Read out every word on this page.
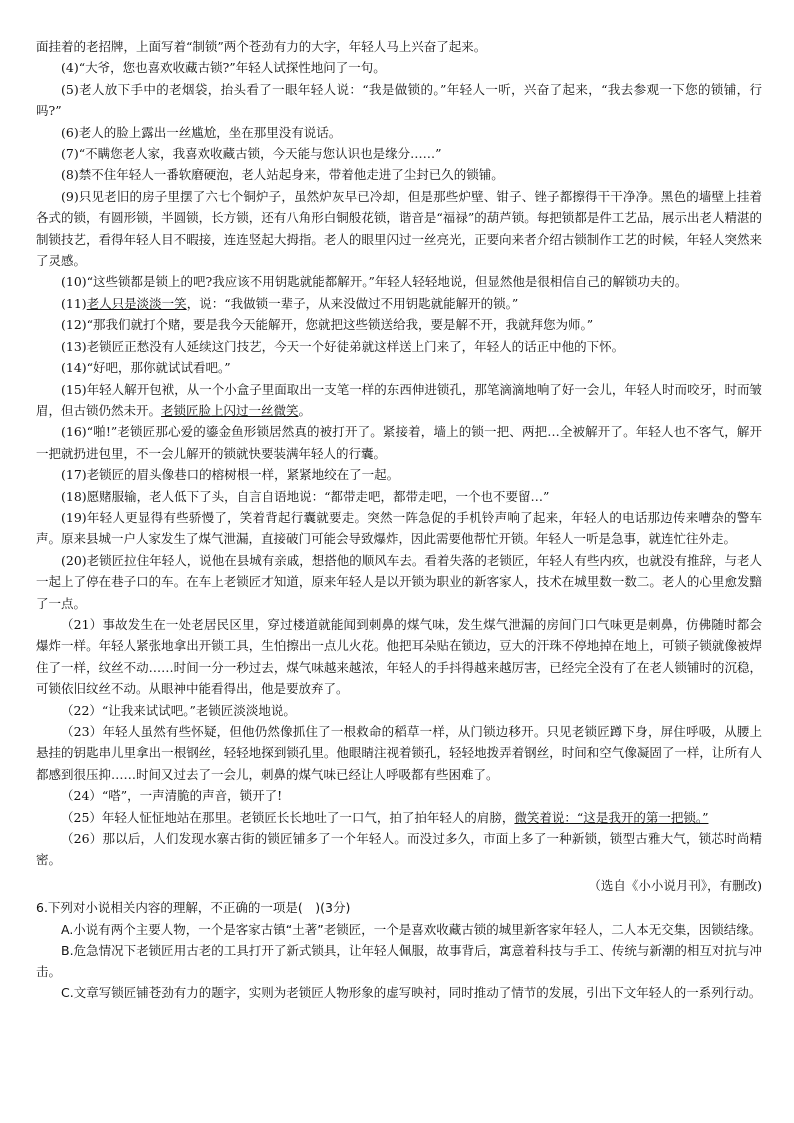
面挂着的老招牌，上面写着“制锁”两个苍劲有力的大字，年轻人马上兴奋了起来。

(4)“大爷，您也喜欢收藏古锁?”年轻人试探性地问了一句。

(5)老人放下手中的老烟袋，抬头看了一眼年轻人说：“我是做锁的。”年轻人一听，兴奋了起来，“我去参观一下您的锁铺，行吗?”

(6)老人的脸上露出一丝尴尬，坐在那里没有说话。

(7)“不瞒您老人家，我喜欢收藏古锁，今天能与您认识也是缘分……”

(8)禁不住年轻人一番软磨硬泡，老人站起身来，带着他走进了尘封已久的锁铺。

(9)只见老旧的房子里摆了六七个铜炉子，虽然炉灰早已冷却，但是那些炉壁、钳子、锉子都擦得干干净净。黑色的墙壁上挂着各式的锁，有圆形锁，半圆锁，长方锁，还有八角形白铜般花锁，谐音是“福禄”的葫芦锁。每把锁都是件工艺品，展示出老人精湛的制锁技艺，看得年轻人目不暇接，连连竖起大拇指。老人的眼里闪过一丝亮光，正要向来者介绍古锁制作工艺的时候，年轻人突然来了灵感。

(10)“这些锁都是锁上的吧?我应该不用钥匙就能都解开。”年轻人轻轻地说，但显然他是很相信自己的解锁功夫的。

(11)老人只是淡淡一笑，说：“我做锁一辈子，从来没做过不用钥匙就能解开的锁。”

(12)“那我们就打个赌，要是我今天能解开，您就把这些锁送给我，要是解不开，我就拜您为师。”

(13)老锁匠正愁没有人延续这门技艺，今天一个好徒弟就这样送上门来了，年轻人的话正中他的下怀。

(14)“好吧，那你就试试看吧。”

(15)年轻人解开包袱，从一个小盒子里面取出一支笔一样的东西伸进锁孔，那笔滴滴地响了好一会儿，年轻人时而咬牙，时而皱眉，但古锁仍然未开。老锁匠脸上闪过一丝微笑。

(16)“啪!”老锁匠那心爱的鎏金鱼形锁居然真的被打开了。紧接着，墙上的锁一把、两把…全被解开了。年轻人也不客气，解开一把就扔进包里，不一会儿解开的锁就快要装满年轻人的行囊。

(17)老锁匠的眉头像巷口的榕树根一样，紧紧地绞在了一起。

(18)愿赌服输，老人低下了头，自言自语地说：“都带走吧，都带走吧，一个也不要留…”

(19)年轻人更显得有些骄慢了，笑着背起行囊就要走。突然一阵急促的手机铃声响了起来，年轻人的电话那边传来嘈杂的警车声。原来县城一户人家发生了煤气泄漏，直接破门可能会导致爆炸，因此需要他帮忙开锁。年轻人一听是急事，就连忙往外走。

(20)老锁匠拉住年轻人，说他在县城有亲戚，想搭他的顺风车去。看着失落的老锁匠，年轻人有些内疚，也就没有推辞，与老人一起上了停在巷子口的车。在车上老锁匠才知道，原来年轻人是以开锁为职业的新客家人，技术在城里数一数二。老人的心里愈发黯了一点。

（21）事故发生在一处老居民区里，穿过楼道就能闻到刺鼻的煤气味，发生煤气泄漏的房间门口气味更是刺鼻，仿佛随时都会爆炸一样。年轻人紧张地拿出开锁工具，生怕擦出一点儿火花。他把耳朵贴在锁边，豆大的汗珠不停地掉在地上，可锁子锁就像被焊住了一样，纹丝不动……时间一分一秒过去，煤气味越来越浓，年轻人的手抖得越来越厉害，已经完全没有了在老人锁铺时的沉稳，可锁依旧纹丝不动。从眼神中能看得出，他是要放弃了。

（22）“让我来试试吧。”老锁匠淡淡地说。

（23）年轻人虽然有些怀疑，但他仍然像抓住了一根救命的稻草一样，从门锁边移开。只见老锁匠蹲下身，屏住呼吸，从腰上悬挂的钥匙串儿里拿出一根钢丝，轻轻地探到锁孔里。他眼睛注视着锁孔，轻轻地拨弄着钢丝，时间和空气像凝固了一样，让所有人都感到很压抑……时间又过去了一会儿，刺鼻的煤气味已经让人呼吸都有些困难了。

（24）“嗒”，一声清脆的声音，锁开了!

（25）年轻人怔怔地站在那里。老锁匠长长地吐了一口气，拍了拍年轻人的肩膀，微笑着说：“这是我开的第一把锁。”

（26）那以后，人们发现水寨古街的锁匠铺多了一个年轻人。而没过多久，市面上多了一种新锁，锁型古雅大气，锁芯时尚精密。

（选自《小小说月刊》，有删改)

6.下列对小说相关内容的理解，不正确的一项是(　)(3分)

A.小说有两个主要人物，一个是客家古镇“土著”老锁匠，一个是喜欢收藏古锁的城里新客家年轻人，二人本无交集，因锁结缘。

B.危急情况下老锁匠用古老的工具打开了新式锁具，让年轻人佩服，故事背后，寓意着科技与手工、传统与新潮的相互对抗与冲击。

C.文章写锁匠铺苍劲有力的题字，实则为老锁匠人物形象的虚写映衬，同时推动了情节的发展，引出下文年轻人的一系列行动。
